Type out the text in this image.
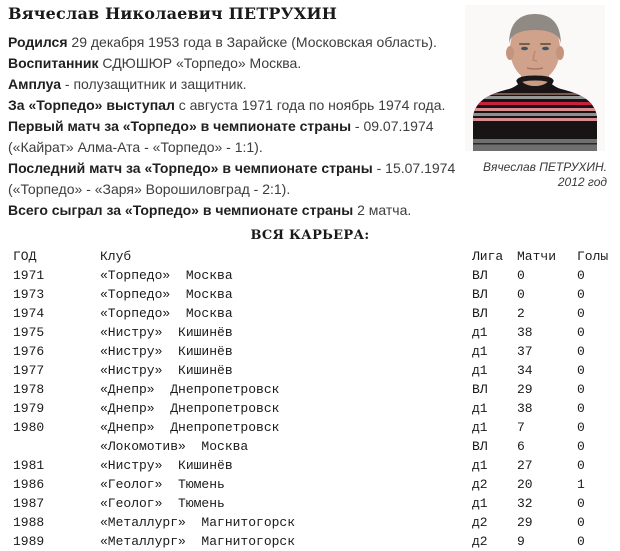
Вячеслав Николаевич ПЕТРУХИН
Вячеслав ПЕТРУХИН.
2012 год

Родился 29 декабря 1953 года в Зарайске (Московская область).

Воспитанник СДЮШЮР «Торпедо» Москва.

Амплуа - полузащитник и защитник.

За «Торпедо» выступал с августа 1971 года по ноябрь 1974 года.

Первый матч за «Торпедо» в чемпионате страны - 09.07.1974 («Кайрат» Алма-Ата - «Торпедо» - 1:1).

Последний матч за «Торпедо» в чемпионате страны - 15.07.1974 («Торпедо» - «Заря» Ворошиловград - 2:1).

Всего сыграл за «Торпедо» в чемпионате страны 2 матча.

ВСЯ КАРЬЕРА:
ГОД	Клуб	Лига	Матчи	Голы
1971	«Торпедо»  Москва	ВЛ	0	0
1973	«Торпедо»  Москва	ВЛ	0	0
1974	«Торпедо»  Москва	ВЛ	2	0
1975	«Нистру»  Кишинёв	д1	38	0
1976	«Нистру»  Кишинёв	д1	37	0
1977	«Нистру»  Кишинёв	д1	34	0
1978	«Днепр»  Днепропетровск	ВЛ	29	0
1979	«Днепр»  Днепропетровск	д1	38	0
1980	«Днепр»  Днепропетровск	д1	7	0
	«Локомотив»  Москва	ВЛ	6	0
1981	«Нистру»  Кишинёв	д1	27	0
1986	«Геолог»  Тюмень	д2	20	1
1987	«Геолог»  Тюмень	д1	32	0
1988	«Металлург»  Магнитогорск	д2	29	0
1989	«Металлург»  Магнитогорск	д2	9	0
